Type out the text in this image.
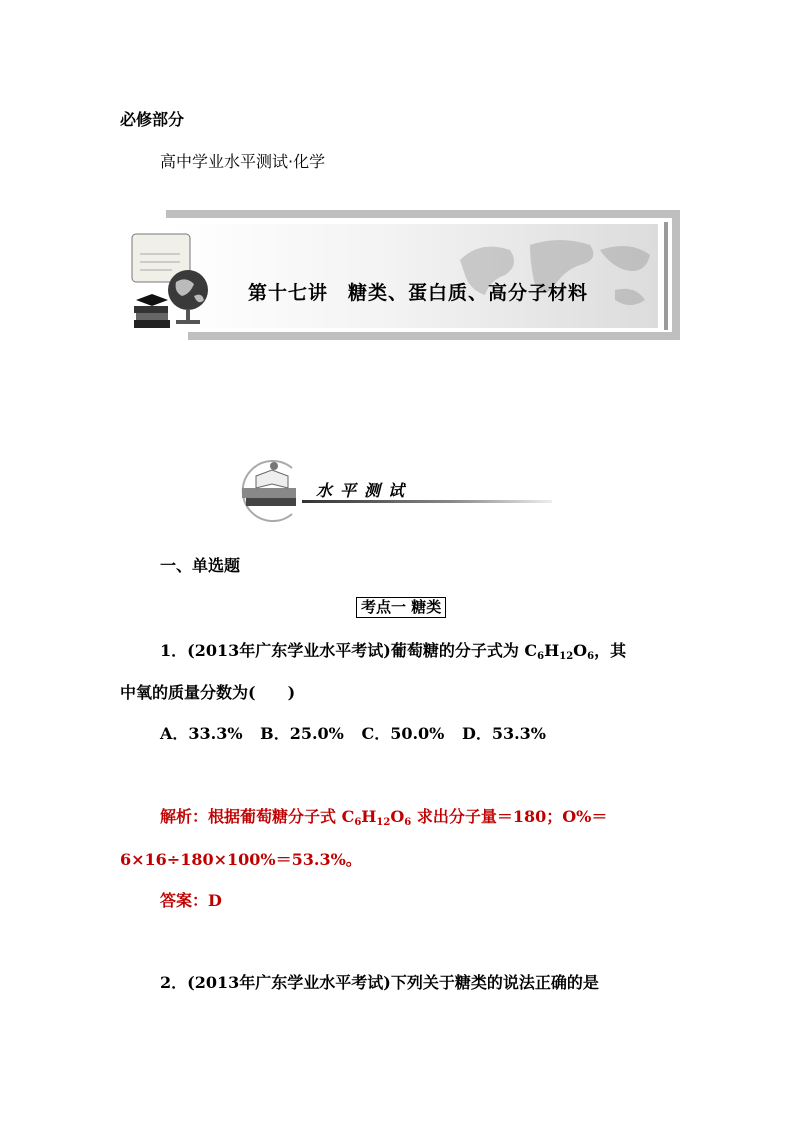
必修部分
高中学业水平测试·化学
第十七讲　糖类、蛋白质、高分子材料
水平测试
一、单选题
考点一 糖类
1．(2013年广东学业水平考试)葡萄糖的分子式为 $C_6H_{12}O_6$，其
中氧的质量分数为(　　)
A．33.3% B．25.0% C．50.0% D．53.3%
解析：根据葡萄糖分子式 $C_6H_{12}O_6$ 求出分子量＝180；O%＝
6×16÷180×100%＝53.3%。
答案：D
2．(2013年广东学业水平考试)下列关于糖类的说法正确的是
